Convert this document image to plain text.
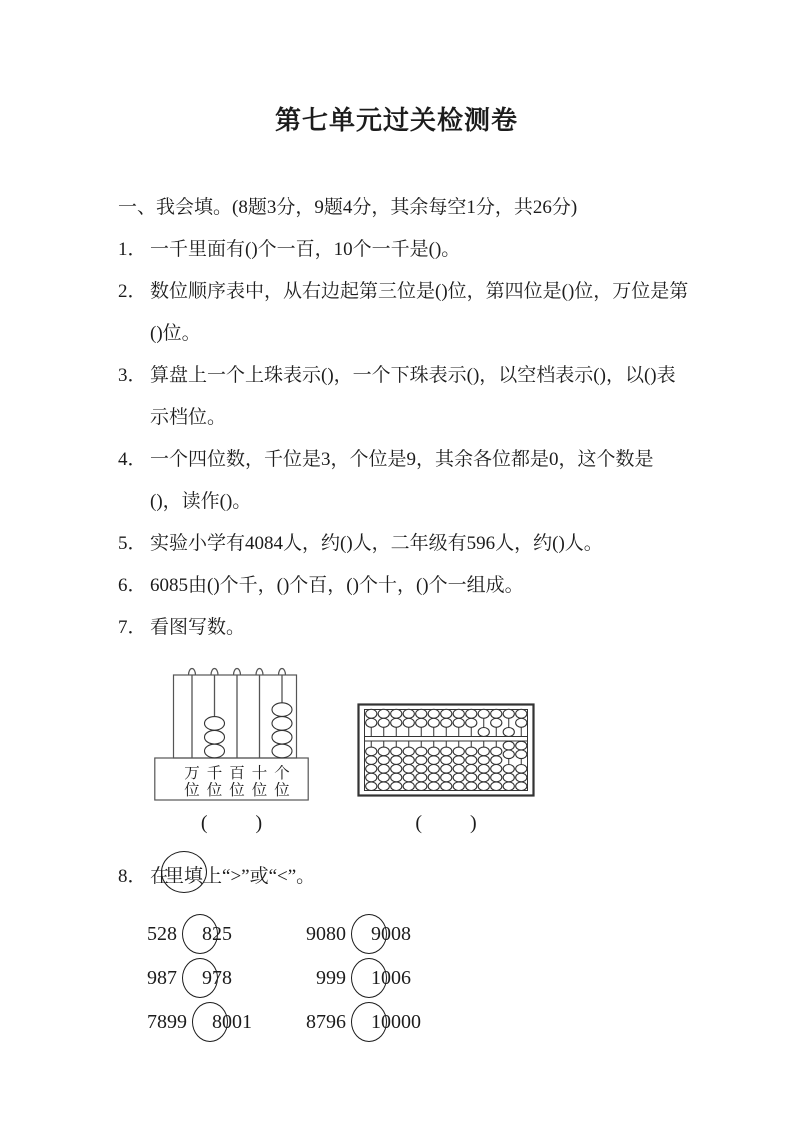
第七单元过关检测卷
一、我会填。(8题3分，9题4分，其余每空1分，共26分)
1． 一千里面有()个一百，10个一千是()。
2． 数位顺序表中，从右边起第三位是()位，第四位是()位，万位是第
()位。
3． 算盘上一个上珠表示()，一个下珠表示()，以空档表示()，以()表
示档位。
4． 一个四位数，千位是3，个位是9，其余各位都是0，这个数是
()，读作()。
5． 实验小学有4084人，约()人，二年级有596人，约()人。
6． 6085由()个千，()个百，()个十，()个一组成。
7． 看图写数。
万
位
千
位
百
位
十
位
个
位
( )	( )
8． 在里填上“>”或“<”。
528 825	9080 9008
987 978	999 1006
7899 8001	8796 10000
